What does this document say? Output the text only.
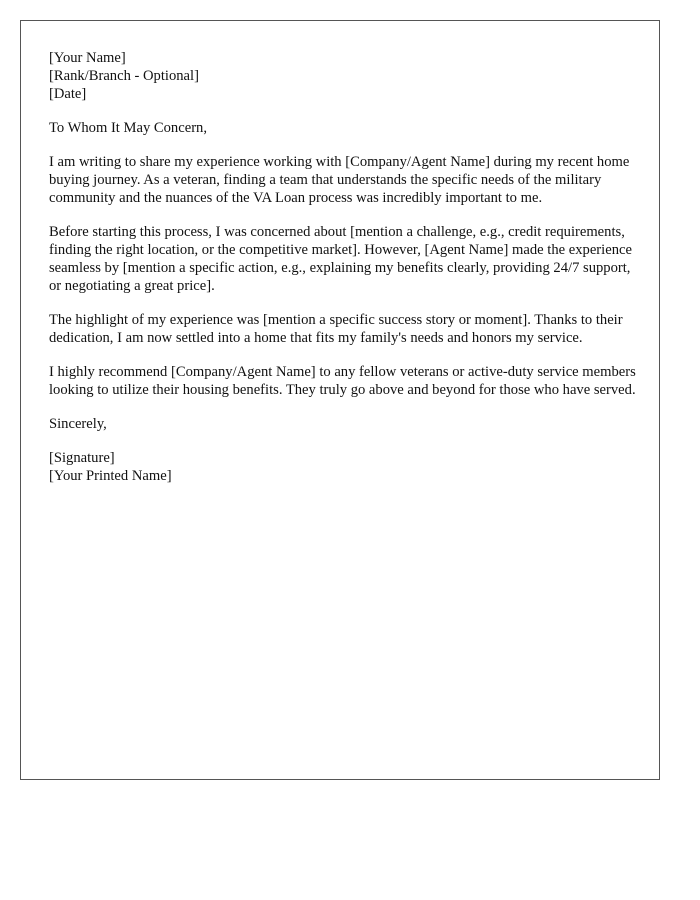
[Your Name]
[Rank/Branch - Optional]
[Date]

To Whom It May Concern,

I am writing to share my experience working with [Company/Agent Name] during my recent home buying journey. As a veteran, finding a team that understands the specific needs of the military community and the nuances of the VA Loan process was incredibly important to me.

Before starting this process, I was concerned about [mention a challenge, e.g., credit requirements, finding the right location, or the competitive market]. However, [Agent Name] made the experience seamless by [mention a specific action, e.g., explaining my benefits clearly, providing 24/7 support, or negotiating a great price].

The highlight of my experience was [mention a specific success story or moment]. Thanks to their dedication, I am now settled into a home that fits my family's needs and honors my service.

I highly recommend [Company/Agent Name] to any fellow veterans or active-duty service members looking to utilize their housing benefits. They truly go above and beyond for those who have served.

Sincerely,

[Signature]
[Your Printed Name]
